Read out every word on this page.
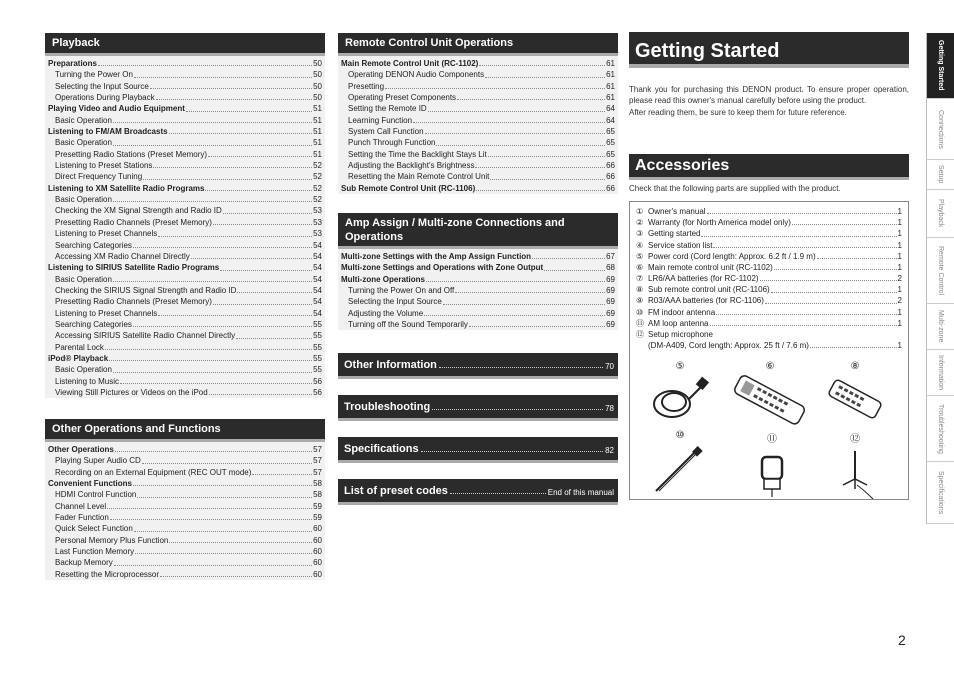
Playback
Preparations	50
Turning the Power On	50
Selecting the Input Source	50
Operations During Playback	50
Playing Video and Audio Equipment	51
Basic Operation	51
Listening to FM/AM Broadcasts	51
Basic Operation	51
Presetting Radio Stations (Preset Memory)	51
Listening to Preset Stations	52
Direct Frequency Tuning	52
Listening to XM Satellite Radio Programs	52
Basic Operation	52
Checking the XM Signal Strength and Radio ID	53
Presetting Radio Channels (Preset Memory)	53
Listening to Preset Channels	53
Searching Categories	54
Accessing XM Radio Channel Directly	54
Listening to SIRIUS Satellite Radio Programs	54
Basic Operation	54
Checking the SIRIUS Signal Strength and Radio ID	54
Presetting Radio Channels (Preset Memory)	54
Listening to Preset Channels	54
Searching Categories	55
Accessing SIRIUS Satellite Radio Channel Directly	55
Parental Lock	55
iPod® Playback	55
Basic Operation	55
Listening to Music	56
Viewing Still Pictures or Videos on the iPod	56
Other Operations and Functions
Other Operations	57
Playing Super Audio CD	57
Recording on an External Equipment (REC OUT mode)	57
Convenient Functions	58
HDMI Control Function	58
Channel Level	59
Fader Function	59
Quick Select Function	60
Personal Memory Plus Function	60
Last Function Memory	60
Backup Memory	60
Resetting the Microprocessor	60
Remote Control Unit Operations
Main Remote Control Unit (RC-1102)	61
Operating DENON Audio Components	61
Presetting	61
Operating Preset Components	61
Setting the Remote ID	64
Learning Function	64
System Call Function	65
Punch Through Function	65
Setting the Time the Backlight Stays Lit	65
Adjusting the Backlight's Brightness	66
Resetting the Main Remote Control Unit	66
Sub Remote Control Unit (RC-1106)	66
Amp Assign / Multi-zone Connections and Operations
Multi-zone Settings with the Amp Assign Function	67
Multi-zone Settings and Operations with Zone Output	68
Multi-zone Operations	69
Turning the Power On and Off	69
Selecting the Input Source	69
Adjusting the Volume	69
Turning off the Sound Temporarily	69
Other Information	70
Troubleshooting	78
Specifications	82
List of preset codes	End of this manual
Getting Started
Thank you for purchasing this DENON product. To ensure proper operation, please read this owner's manual carefully before using the product.
After reading them, be sure to keep them for future reference.
Accessories
Check that the following parts are supplied with the product.
① Owner's manual	1
② Warranty (for North America model only)	1
③ Getting started	1
④ Service station list	1
⑤ Power cord (Cord length: Approx. 6.2 ft / 1.9 m)	1
⑥ Main remote control unit (RC-1102)	1
⑦ LR6/AA batteries (for RC-1102)	2
⑧ Sub remote control unit (RC-1106)	1
⑨ R03/AAA batteries (for RC-1106)	2
⑩ FM indoor antenna	1
⑪ AM loop antenna	1
⑫ Setup microphone
(DM-A409, Cord length: Approx. 25 ft / 7.6 m)	1
⑤	⑥	⑧
⑩	⑪	⑫
Getting Started
Connections
Setup
Playback
Remote Control
Multi-zone
Information
Troubleshooting
Specifications
2
